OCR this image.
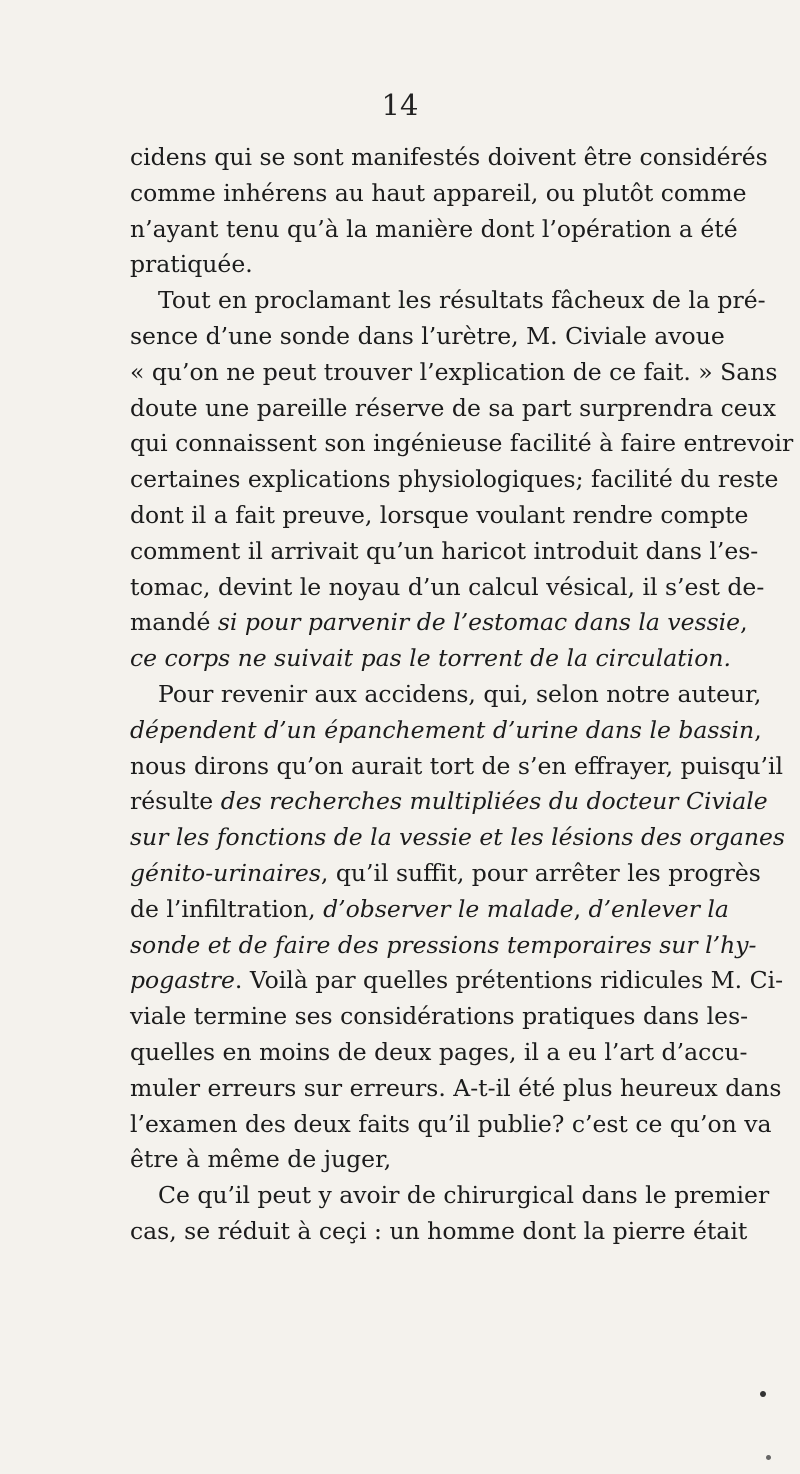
14
cidens qui se sont manifestés doivent être considérés
comme inhérens au haut appareil, ou plutôt comme
n’ayant tenu qu’à la manière dont l’opération a été
pratiquée.
Tout en proclamant les résultats fâcheux de la pré-
sence d’une sonde dans l’urètre, M. Civiale avoue
« qu’on ne peut trouver l’explication de ce fait. » Sans
doute une pareille réserve de sa part surprendra ceux
qui connaissent son ingénieuse facilité à faire entrevoir
certaines explications physiologiques; facilité du reste
dont il a fait preuve, lorsque voulant rendre compte
comment il arrivait qu’un haricot introduit dans l’es-
tomac, devint le noyau d’un calcul vésical, il s’est de-
mandé si pour parvenir de l’estomac dans la vessie,
ce corps ne suivait pas le torrent de la circulation.
Pour revenir aux accidens, qui, selon notre auteur,
dépendent d’un épanchement d’urine dans le bassin,
nous dirons qu’on aurait tort de s’en effrayer, puisqu’il
résulte des recherches multipliées du docteur Civiale
sur les fonctions de la vessie et les lésions des organes
génito-urinaires, qu’il suffit, pour arrêter les progrès
de l’infiltration, d’observer le malade, d’enlever la
sonde et de faire des pressions temporaires sur l’hy-
pogastre. Voilà par quelles prétentions ridicules M. Ci-
viale termine ses considérations pratiques dans les-
quelles en moins de deux pages, il a eu l’art d’accu-
muler erreurs sur erreurs. A-t-il été plus heureux dans
l’examen des deux faits qu’il publie? c’est ce qu’on va
être à même de juger,
Ce qu’il peut y avoir de chirurgical dans le premier
cas, se réduit à ceçi : un homme dont la pierre était
